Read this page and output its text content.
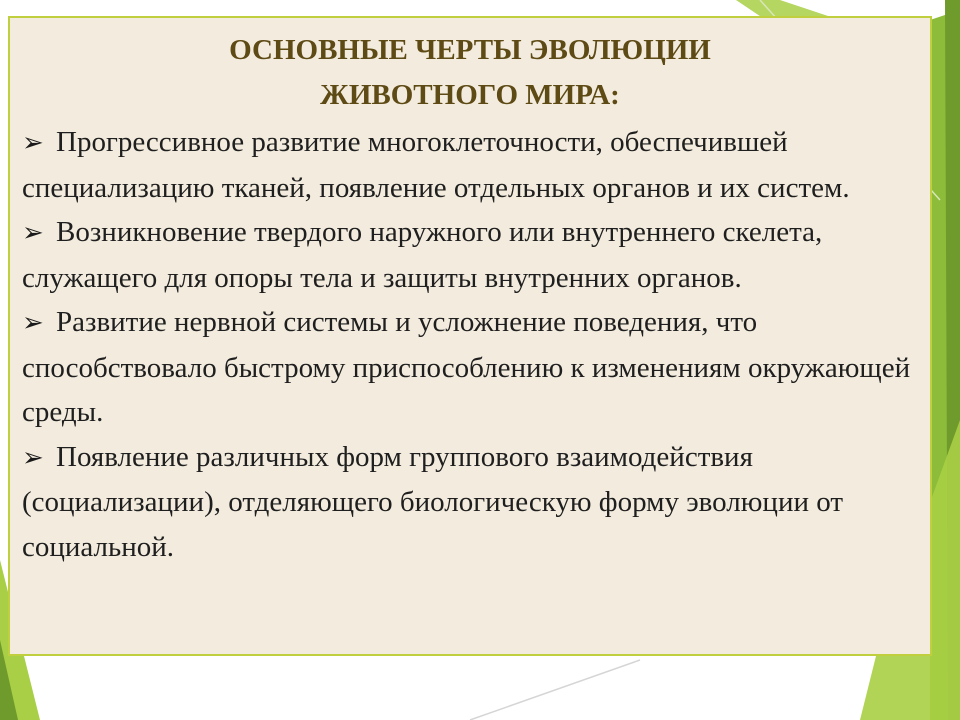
ОСНОВНЫЕ ЧЕРТЫ ЭВОЛЮЦИИ
ЖИВОТНОГО МИРА:
➢ Прогрессивное развитие многоклеточности, обеспечившей специализацию тканей, появление отдельных органов и их систем.
➢ Возникновение твердого наружного или внутреннего скелета, служащего для опоры тела и защиты внутренних органов.
➢ Развитие нервной системы и усложнение поведения, что способствовало быстрому приспособлению к изменениям окружающей среды.
➢ Появление различных форм группового взаимодействия (социализации), отделяющего биологическую форму эволюции от социальной.
